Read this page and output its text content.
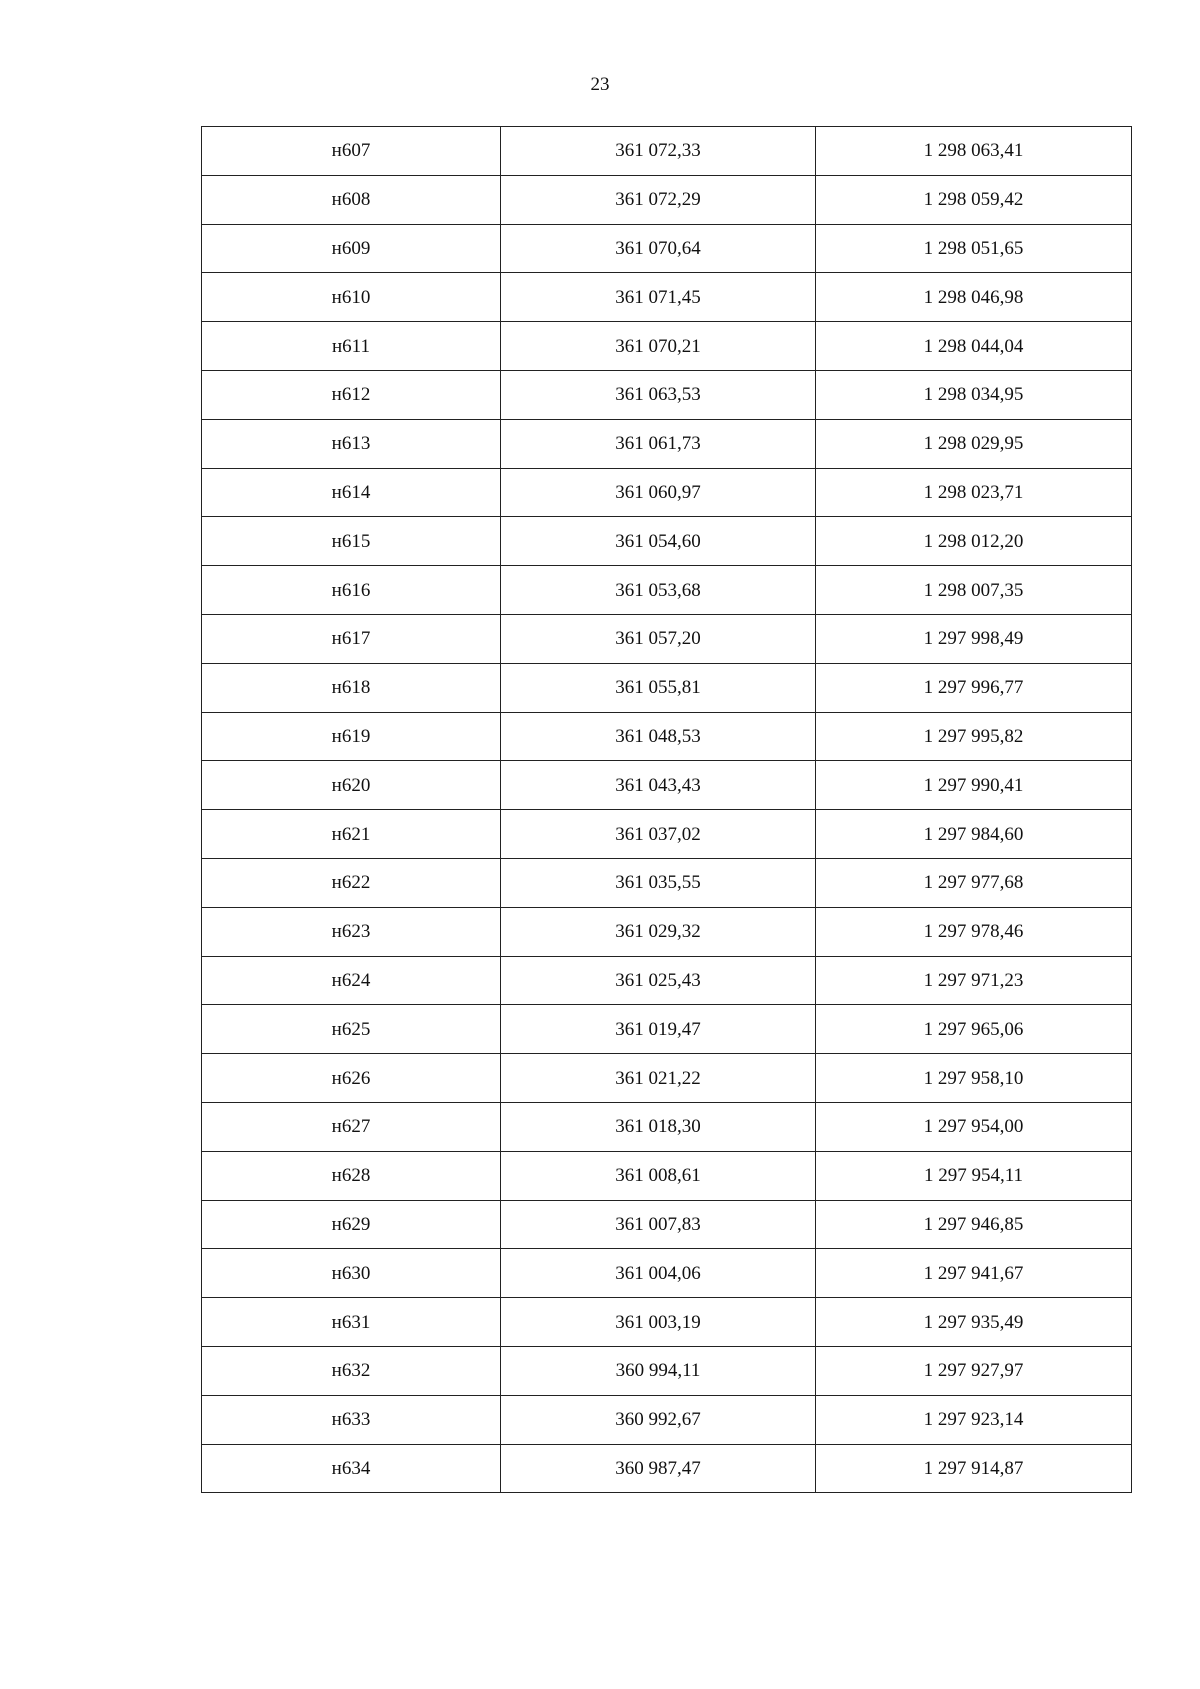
23
н607	361 072,33	1 298 063,41
н608	361 072,29	1 298 059,42
н609	361 070,64	1 298 051,65
н610	361 071,45	1 298 046,98
н611	361 070,21	1 298 044,04
н612	361 063,53	1 298 034,95
н613	361 061,73	1 298 029,95
н614	361 060,97	1 298 023,71
н615	361 054,60	1 298 012,20
н616	361 053,68	1 298 007,35
н617	361 057,20	1 297 998,49
н618	361 055,81	1 297 996,77
н619	361 048,53	1 297 995,82
н620	361 043,43	1 297 990,41
н621	361 037,02	1 297 984,60
н622	361 035,55	1 297 977,68
н623	361 029,32	1 297 978,46
н624	361 025,43	1 297 971,23
н625	361 019,47	1 297 965,06
н626	361 021,22	1 297 958,10
н627	361 018,30	1 297 954,00
н628	361 008,61	1 297 954,11
н629	361 007,83	1 297 946,85
н630	361 004,06	1 297 941,67
н631	361 003,19	1 297 935,49
н632	360 994,11	1 297 927,97
н633	360 992,67	1 297 923,14
н634	360 987,47	1 297 914,87
